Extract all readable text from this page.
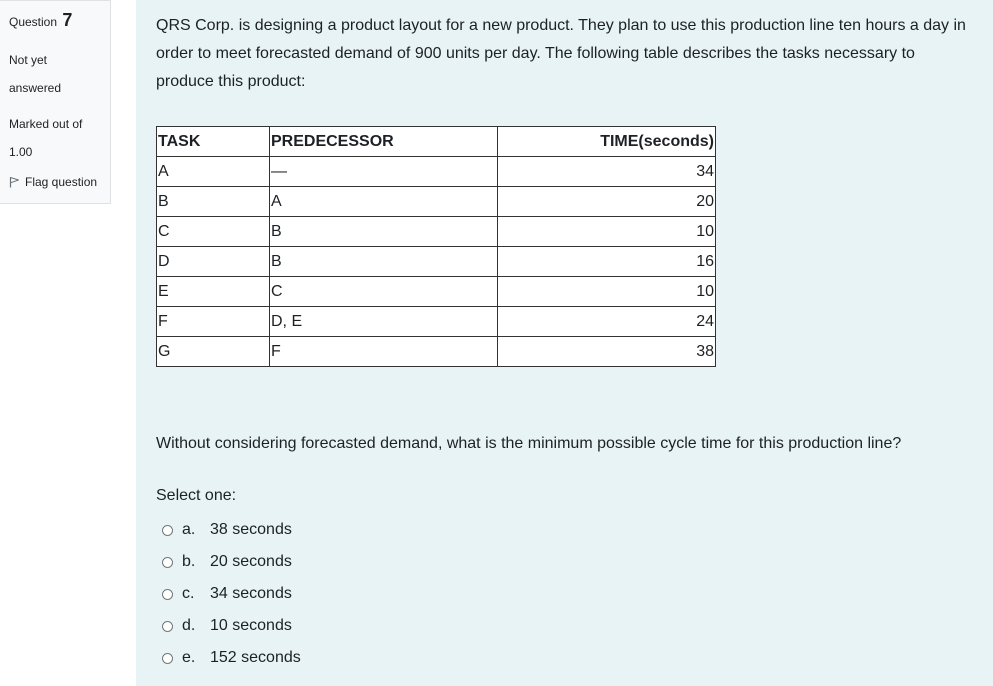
Question 7
Not yet answered
Marked out of 1.00
Flag question
QRS Corp. is designing a product layout for a new product. They plan to use this production line ten hours a day in order to meet forecasted demand of 900 units per day. The following table describes the tasks necessary to produce this product:
TASK	PREDECESSOR	TIME(seconds)
A	—	34
B	A	20
C	B	10
D	B	16
E	C	10
F	D, E	24
G	F	38
Without considering forecasted demand, what is the minimum possible cycle time for this production line?
Select one:
a. 38 seconds
b. 20 seconds
c. 34 seconds
d. 10 seconds
e. 152 seconds
